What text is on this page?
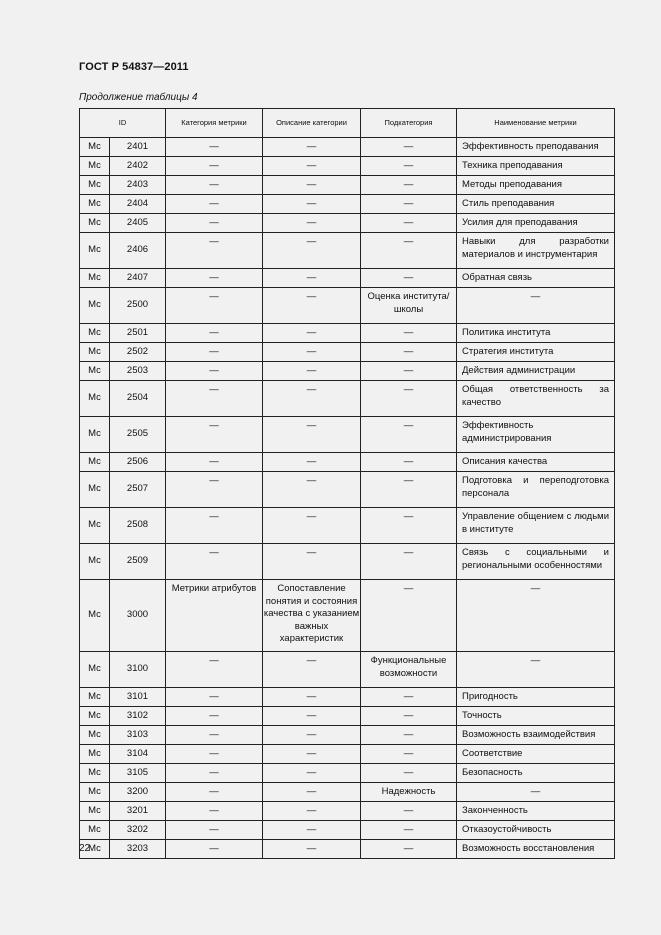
ГОСТ Р 54837—2011
Продолжение таблицы 4
ID		Категория метрики	Описание категории	Подкатегория	Наименование метрики
Mc	2401	—	—	—	Эффективность преподавания
Mc	2402	—	—	—	Техника преподавания
Mc	2403	—	—	—	Методы преподавания
Mc	2404	—	—	—	Стиль преподавания
Mc	2405	—	—	—	Усилия для преподавания
Mc	2406	—	—	—	Навыки для разработки материалов и инструментария
Mc	2407	—	—	—	Обратная связь
Mc	2500	—	—	Оценка института/школы	—
Mc	2501	—	—	—	Политика института
Mc	2502	—	—	—	Стратегия института
Mc	2503	—	—	—	Действия администрации
Mc	2504	—	—	—	Общая ответственность за качество
Mc	2505	—	—	—	Эффективность администрирования
Mc	2506	—	—	—	Описания качества
Mc	2507	—	—	—	Подготовка и переподготовка персонала
Mc	2508	—	—	—	Управление общением с людьми в институте
Mc	2509	—	—	—	Связь с социальными и региональными особенностями
Mc	3000	Метрики атрибутов	Сопоставление понятия и состояния качества с указанием важных характеристик	—	—
Mc	3100	—	—	Функциональные возможности	—
Mc	3101	—	—	—	Пригодность
Mc	3102	—	—	—	Точность
Mc	3103	—	—	—	Возможность взаимодействия
Mc	3104	—	—	—	Соответствие
Mc	3105	—	—	—	Безопасность
Mc	3200	—	—	Надежность	—
Mc	3201	—	—	—	Законченность
Mc	3202	—	—	—	Отказоустойчивость
Mc	3203	—	—	—	Возможность восстановления
22
